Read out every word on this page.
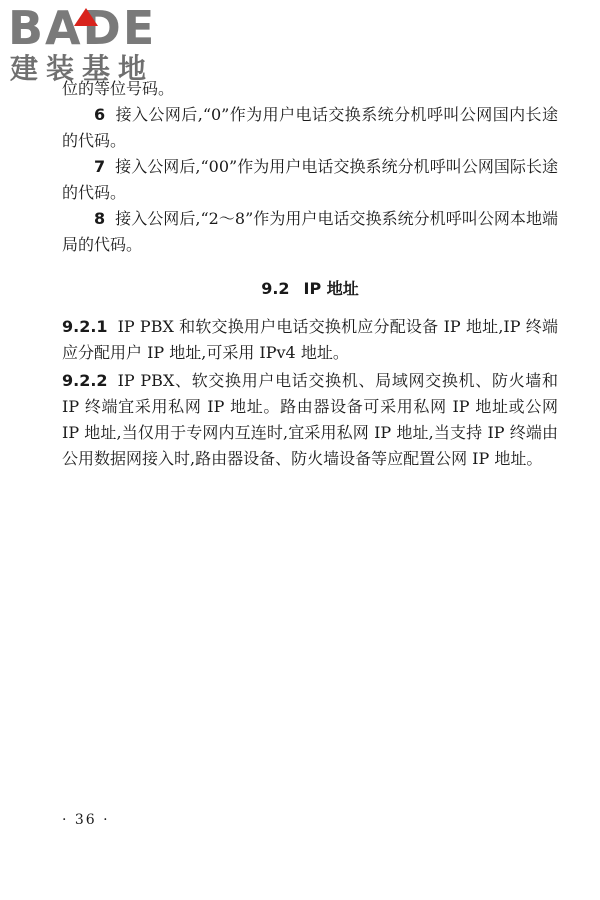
BADE
建装基地

位的等位号码。

6 接入公网后,“0”作为用户电话交换系统分机呼叫公网国内长途的代码。

7 接入公网后,“00”作为用户电话交换系统分机呼叫公网国际长途的代码。

8 接入公网后,“2～8”作为用户电话交换系统分机呼叫公网本地端局的代码。

9.2 IP 地址

9.2.1 IP PBX 和软交换用户电话交换机应分配设备 IP 地址,IP 终端应分配用户 IP 地址,可采用 IPv4 地址。

9.2.2 IP PBX、软交换用户电话交换机、局域网交换机、防火墙和 IP 终端宜采用私网 IP 地址。路由器设备可采用私网 IP 地址或公网 IP 地址,当仅用于专网内互连时,宜采用私网 IP 地址,当支持 IP 终端由公用数据网接入时,路由器设备、防火墙设备等应配置公网 IP 地址。

· 36 ·
